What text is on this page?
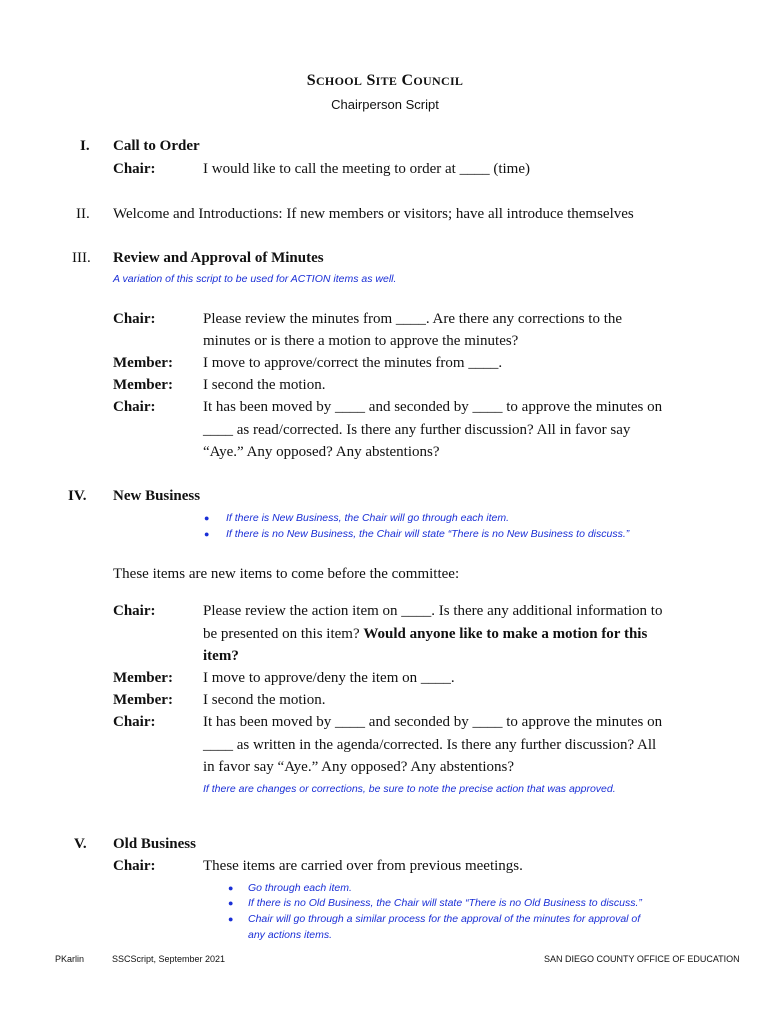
SCHOOL SITE COUNCIL
Chairperson Script
I. Call to Order
Chair:	I would like to call the meeting to order at ____ (time)
II. Welcome and Introductions: If new members or visitors; have all introduce themselves
III. Review and Approval of Minutes
A variation of this script to be used for ACTION items as well.
Chair:	Please review the minutes from ____. Are there any corrections to the
minutes or is there a motion to approve the minutes?
Member: I move to approve/correct the minutes from ____.
Member: I second the motion.
Chair:	It has been moved by ____ and seconded by ____ to approve the minutes on
____ as read/corrected. Is there any further discussion? All in favor say
“Aye.” Any opposed? Any abstentions?
IV. New Business
● If there is New Business, the Chair will go through each item.
● If there is no New Business, the Chair will state “There is no New Business to discuss.”
These items are new items to come before the committee:
Chair:	Please review the action item on ____. Is there any additional information to
be presented on this item? Would anyone like to make a motion for this
item?
Member: I move to approve/deny the item on ____.
Member: I second the motion.
Chair:	It has been moved by ____ and seconded by ____ to approve the minutes on
____ as written in the agenda/corrected. Is there any further discussion? All
in favor say “Aye.” Any opposed? Any abstentions?
If there are changes or corrections, be sure to note the precise action that was approved.
V. Old Business
Chair:	These items are carried over from previous meetings.
● Go through each item.
● If there is no Old Business, the Chair will state “There is no Old Business to discuss.”
● Chair will go through a similar process for the approval of the minutes for approval of
any actions items.
PKarlin	SSCScript, September 2021	SAN DIEGO COUNTY OFFICE OF EDUCATION
